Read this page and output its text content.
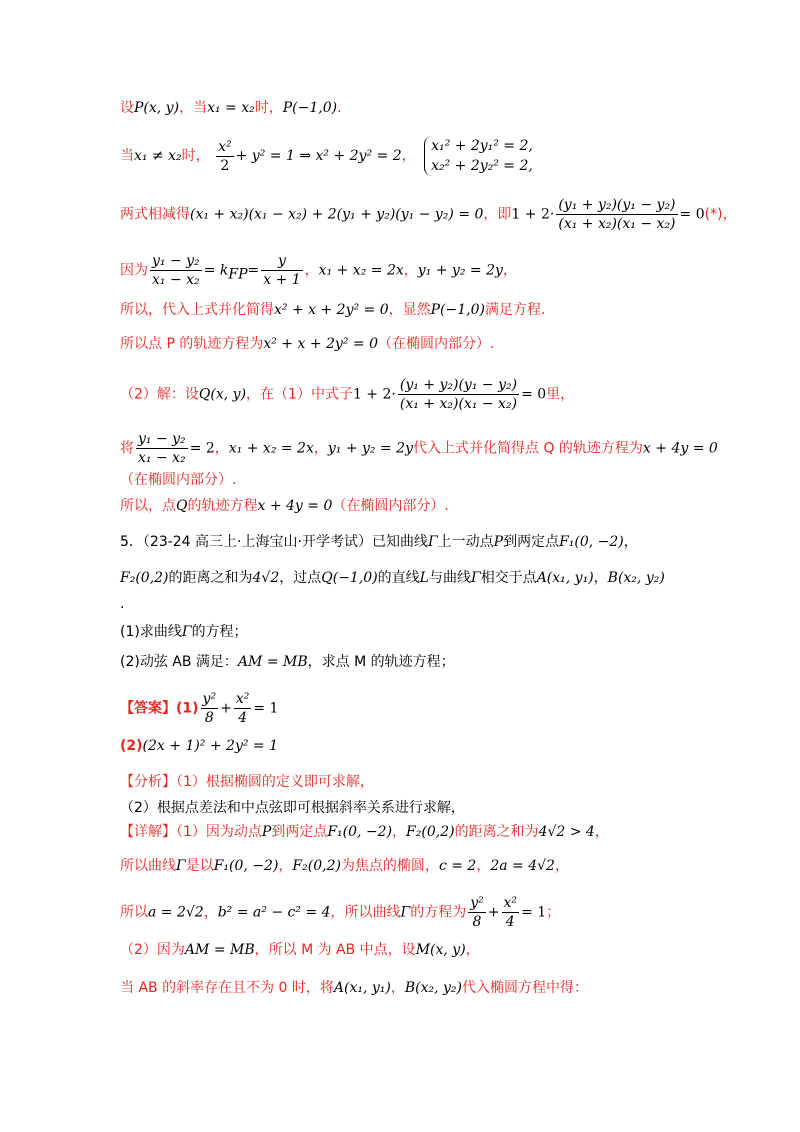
设P(x, y)，当x₁ = x₂时，P(−1,0).
当x₁ ≠ x₂时， $\frac{\text{x²}}{2} + y^2 = 1$ ⇒ x² + 2y² = 2，
x₁² + 2y₁² = 2,
x₂² + 2y₂² = 2,
两式相减得(x₁ + x₂)(x₁ − x₂) + 2(y₁ + y₂)(y₁ − y₂) = 0，即$1 + 2\cdot \frac{\text{(y₁ + y₂)(y₁ − y₂)}}{\text{(x₁ + x₂)(x₁ − x₂)}} = 0(*)$，
因为 $\frac{\text{y₁ − y₂}}{\text{x₁ − x₂}} = k_{FP}= \frac{y}{x + 1}$ ，x₁ + x₂ = 2x，y₁ + y₂ = 2y，
所以，代入上式并化简得x² + x + 2y² = 0，显然P(−1,0)满足方程.
所以点 P 的轨迹方程为x² + x + 2y² = 0（在椭圆内部分）.
（2）解：设Q(x, y)，在（1）中式子$1 + 2\cdot \frac{\text{(y₁ + y₂)(y₁ − y₂)}}{\text{(x₁ + x₂)(x₁ − x₂)}} = 0$里，
将 $\frac{\text{y₁ − y₂}}{\text{x₁ − x₂}} = 2$，x₁ + x₂ = 2x，y₁ + y₂ = 2y代入上式并化简得点 Q 的轨迹方程为x + 4y = 0
（在椭圆内部分）.
所以，点Q的轨迹方程x + 4y = 0（在椭圆内部分）.
5．（23-24 高三上·上海宝山·开学考试）已知曲线Γ上一动点P到两定点F₁(0, −2)，
F₂(0,2)的距离之和为4√2，过点Q(−1,0)的直线L与曲线Γ相交于点A(x₁, y₁)，B(x₂, y₂)
.
(1)求曲线Γ的方程；
(2)动弦 AB 满足：AM = MB，求点 M 的轨迹方程；
【答案】$(1) \frac{\text{y²}}{8} + \frac{\text{x²}}{4} = 1$
(2)(2x + 1)² + 2y² = 1
【分析】（1）根据椭圆的定义即可求解，
（2）根据点差法和中点弦即可根据斜率关系进行求解，
【详解】（1）因为动点P到两定点F₁(0, −2)，F₂(0,2)的距离之和为4√2 > 4，
所以曲线Γ是以F₁(0, −2)，F₂(0,2)为焦点的椭圆，c = 2，2a = 4√2，
所以a = 2√2，b² = a² − c² = 4，所以曲线Γ的方程为 $\frac{\text{y²}}{8} + \frac{\text{x²}}{4} = 1$；
（2）因为AM = MB，所以 M 为 AB 中点，设M(x, y)，
当 AB 的斜率存在且不为 0 时，将A(x₁, y₁)，B(x₂, y₂)代入椭圆方程中得：
